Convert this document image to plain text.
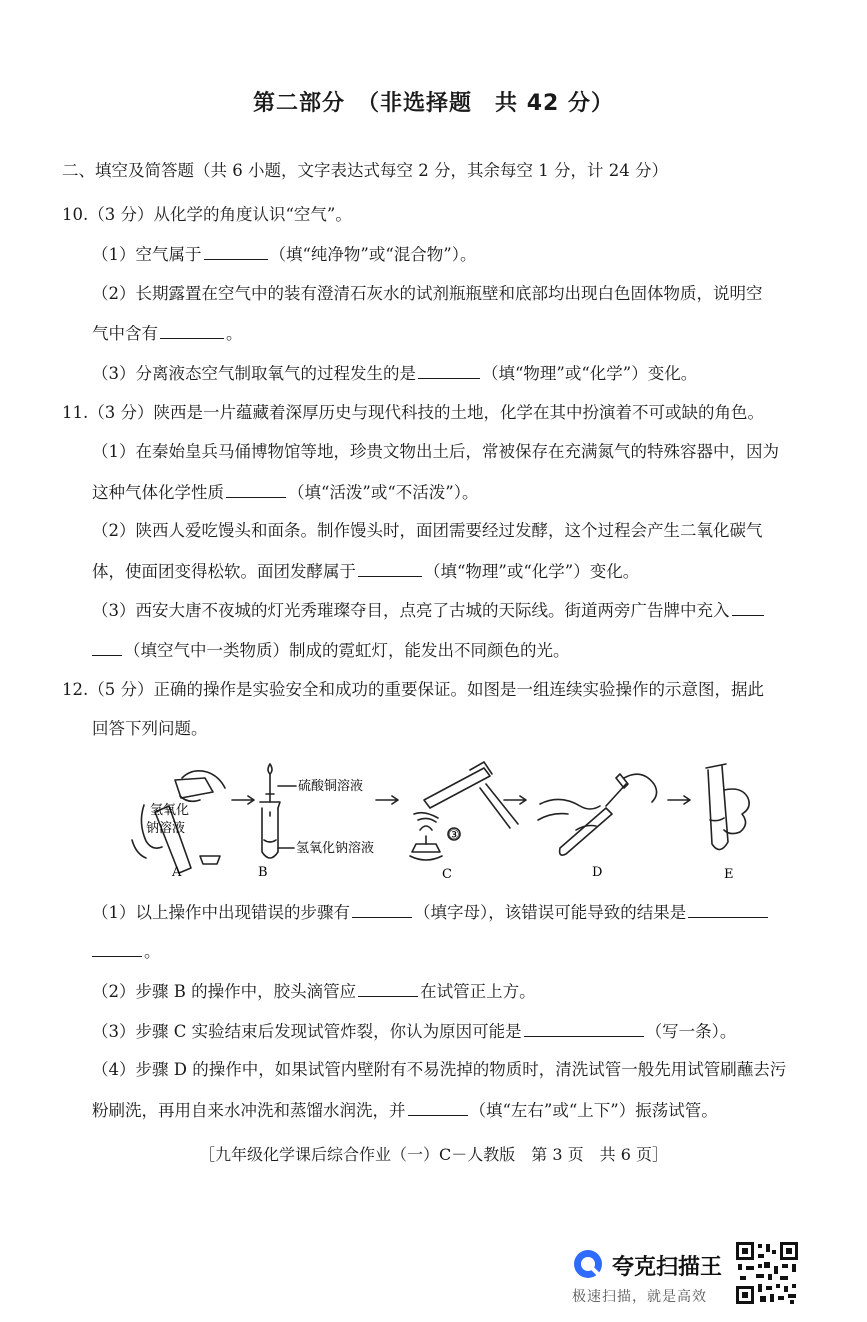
第二部分　（非选择题　共 42 分）
二、填空及简答题（共 6 小题，文字表达式每空 2 分，其余每空 1 分，计 24 分）
10.（3 分）从化学的角度认识“空气”。
（1）空气属于	（填“纯净物”或“混合物”）。
（2）长期露置在空气中的装有澄清石灰水的试剂瓶瓶壁和底部均出现白色固体物质，说明空
气中含有	。
（3）分离液态空气制取氧气的过程发生的是	（填“物理”或“化学”）变化。
11.（3 分）陕西是一片蕴藏着深厚历史与现代科技的土地，化学在其中扮演着不可或缺的角色。
（1）在秦始皇兵马俑博物馆等地，珍贵文物出土后，常被保存在充满氮气的特殊容器中，因为
这种气体化学性质	（填“活泼”或“不活泼”）。
（2）陕西人爱吃馒头和面条。制作馒头时，面团需要经过发酵，这个过程会产生二氧化碳气
体，使面团变得松软。面团发酵属于	（填“物理”或“化学”）变化。
（3）西安大唐不夜城的灯光秀璀璨夺目，点亮了古城的天际线。街道两旁广告牌中充入
（填空气中一类物质）制成的霓虹灯，能发出不同颜色的光。
12.（5 分）正确的操作是实验安全和成功的重要保证。如图是一组连续实验操作的示意图，据此
回答下列问题。
氢氧化
钠溶液
硫酸铜溶液
氢氧化钠溶液
③
A	B	C	D	E
（1）以上操作中出现错误的步骤有	（填字母），该错误可能导致的结果是
。
（2）步骤 B 的操作中，胶头滴管应	在试管正上方。
（3）步骤 C 实验结束后发现试管炸裂，你认为原因可能是	（写一条）。
（4）步骤 D 的操作中，如果试管内壁附有不易洗掉的物质时，清洗试管一般先用试管刷蘸去污
粉刷洗，再用自来水冲洗和蒸馏水润洗，并	（填“左右”或“上下”）振荡试管。
［九年级化学课后综合作业（一）C－人教版　第 3 页　共 6 页］
夸克扫描王
极速扫描，就是高效
